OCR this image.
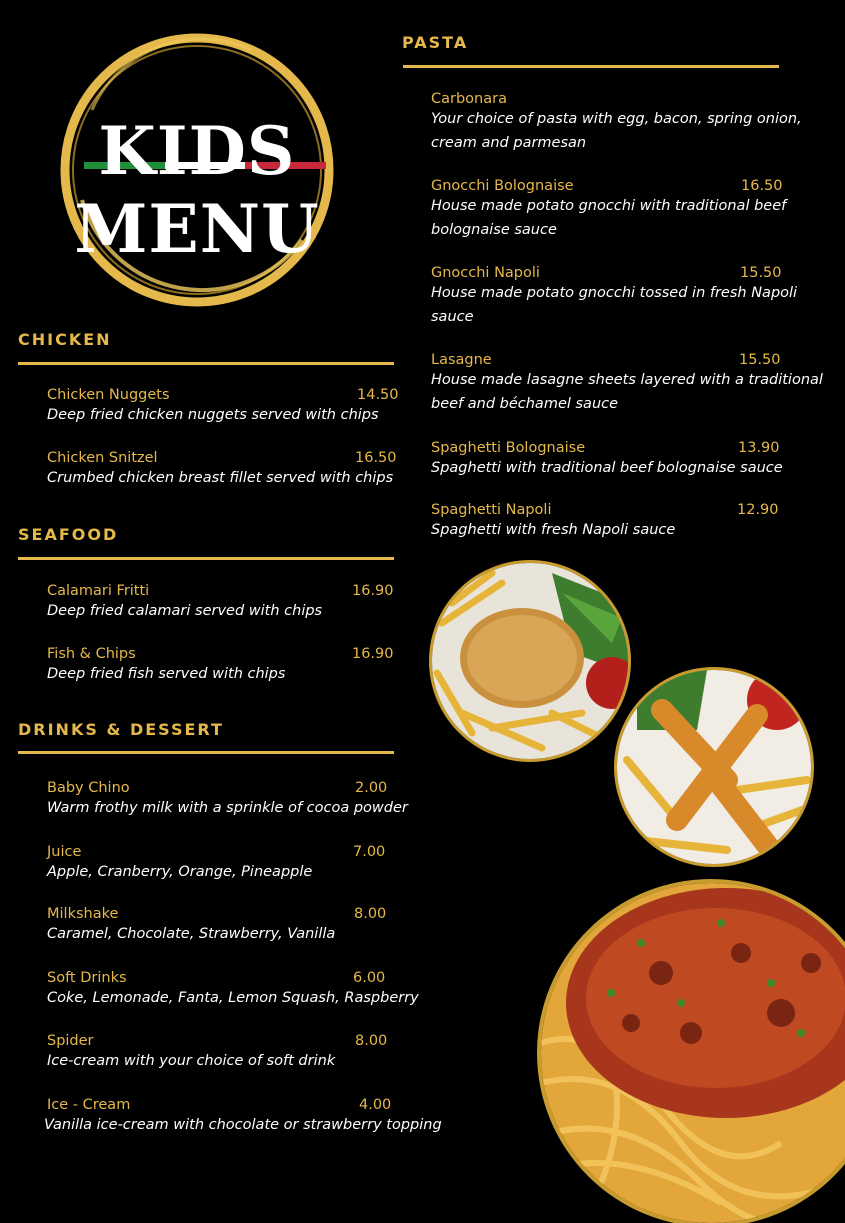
KIDS
MENU
CHICKEN
Chicken Nuggets	14.50
Deep fried chicken nuggets served with chips
Chicken Snitzel	16.50
Crumbed chicken breast fillet served with chips
SEAFOOD
Calamari Fritti	16.90
Deep fried calamari served with chips
Fish & Chips	16.90
Deep fried fish served with chips
DRINKS & DESSERT
Baby Chino	2.00
Warm frothy milk with a sprinkle of cocoa powder
Juice	7.00
Apple, Cranberry, Orange, Pineapple
Milkshake	8.00
Caramel, Chocolate, Strawberry, Vanilla
Soft Drinks	6.00
Coke, Lemonade, Fanta, Lemon Squash, Raspberry
Spider	8.00
Ice-cream with your choice of soft drink
Ice - Cream	4.00
Vanilla ice-cream with chocolate or strawberry topping
PASTA
Carbonara
Your choice of pasta with egg, bacon, spring onion,
cream and parmesan
Gnocchi Bolognaise	16.50
House made potato gnocchi with traditional beef
bolognaise sauce
Gnocchi Napoli	15.50
House made potato gnocchi tossed in fresh Napoli
sauce
Lasagne	15.50
House made lasagne sheets layered with a traditional
beef and béchamel sauce
Spaghetti Bolognaise	13.90
Spaghetti with traditional beef bolognaise sauce
Spaghetti Napoli	12.90
Spaghetti with fresh Napoli sauce
